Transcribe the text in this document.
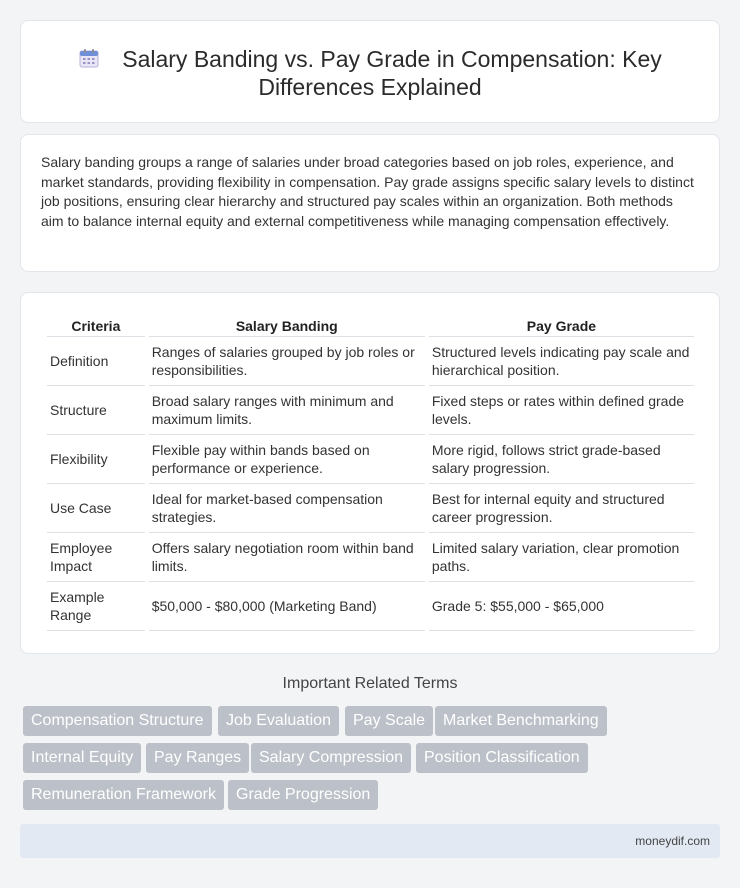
Salary Banding vs. Pay Grade in Compensation: Key Differences Explained

Salary banding groups a range of salaries under broad categories based on job roles, experience, and market standards, providing flexibility in compensation. Pay grade assigns specific salary levels to distinct job positions, ensuring clear hierarchy and structured pay scales within an organization. Both methods aim to balance internal equity and external competitiveness while managing compensation effectively.

Criteria	Salary Banding	Pay Grade
Definition	Ranges of salaries grouped by job roles or responsibilities.	Structured levels indicating pay scale and hierarchical position.
Structure	Broad salary ranges with minimum and maximum limits.	Fixed steps or rates within defined grade levels.
Flexibility	Flexible pay within bands based on performance or experience.	More rigid, follows strict grade-based salary progression.
Use Case	Ideal for market-based compensation strategies.	Best for internal equity and structured career progression.
Employee Impact	Offers salary negotiation room within band limits.	Limited salary variation, clear promotion paths.
Example Range	$50,000 - $80,000 (Marketing Band)	Grade 5: $55,000 - $65,000
Important Related Terms
Compensation Structure	Job Evaluation	Pay Scale	Market Benchmarking
Internal Equity	Pay Ranges	Salary Compression	Position Classification
Remuneration Framework	Grade Progression
moneydif.com
